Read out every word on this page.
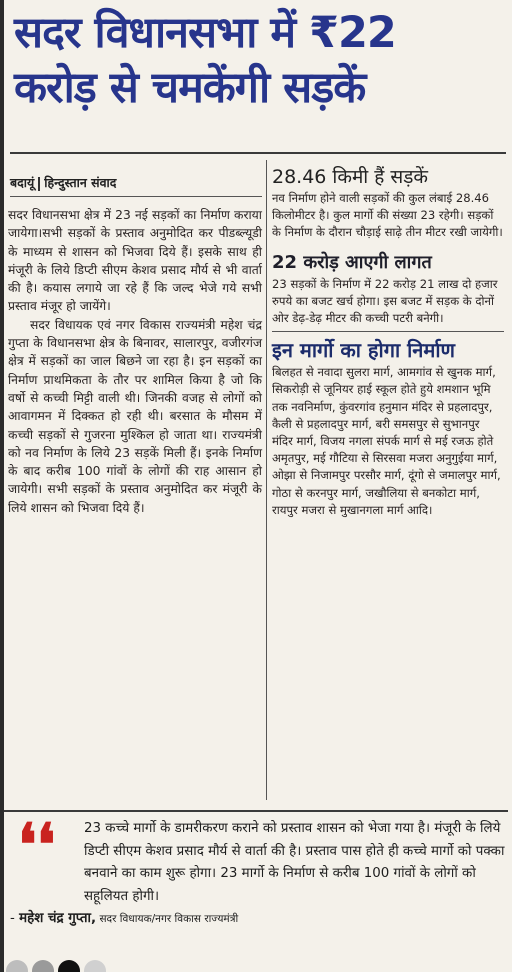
सदर विधानसभा में ₹22
करोड़ से चमकेंगी सड़कें
बदायूं हिन्दुस्तान संवाद

सदर विधानसभा क्षेत्र में 23 नई सड़कों का निर्माण कराया जायेगा।सभी सड़कों के प्रस्ताव अनुमोदित कर पीडब्ल्यूडी के माध्यम से शासन को भिजवा दिये हैं। इसके साथ ही मंजूरी के लिये डिप्टी सीएम केशव प्रसाद मौर्य से भी वार्ता की है। कयास लगाये जा रहे हैं कि जल्द भेजे गये सभी प्रस्ताव मंजूर हो जायेंगे।

सदर विधायक एवं नगर विकास राज्यमंत्री महेश चंद्र गुप्ता के विधानसभा क्षेत्र के बिनावर, सालारपुर, वजीरगंज क्षेत्र में सड़कों का जाल बिछने जा रहा है। इन सड़कों का निर्माण प्राथमिकता के तौर पर शामिल किया है जो कि वर्षो से कच्ची मिट्टी वाली थी। जिनकी वजह से लोगों को आवागमन में दिक्कत हो रही थी। बरसात के मौसम में कच्ची सड़कों से गुजरना मुश्किल हो जाता था। राज्यमंत्री को नव निर्माण के लिये 23 सड़कें मिली हैं। इनके निर्माण के बाद करीब 100 गांवों के लोगों की राह आसान हो जायेगी। सभी सड़कों के प्रस्ताव अनुमोदित कर मंजूरी के लिये शासन को भिजवा दिये हैं।

28.46 किमी हैं सड़कें

नव निर्माण होने वाली सड़कों की कुल लंबाई 28.46 किलोमीटर है। कुल मार्गो की संख्या 23 रहेगी। सड़कों के निर्माण के दौरान चौड़ाई साढ़े तीन मीटर रखी जायेगी।

22 करोड़ आएगी लागत

23 सड़कों के निर्माण में 22 करोड़ 21 लाख दो हजार रुपये का बजट खर्च होगा। इस बजट में सड़क के दोनों ओर डेढ़-डेढ़ मीटर की कच्ची पटरी बनेगी।

इन मार्गो का होगा निर्माण

बिलहत से नवादा सुलरा मार्ग, आमगांव से खुनक मार्ग, सिकरोड़ी से जूनियर हाई स्कूल होते हुये शमशान भूमि तक नवनिर्माण, कुंवरगांव हनुमान मंदिर से प्रहलादपुर, कैली से प्रहलादपुर मार्ग, बरी समसपुर से सुभानपुर मंदिर मार्ग, विजय नगला संपर्क मार्ग से मई रजऊ होते अमृतपुर, मई गौटिया से सिरसवा मजरा अनुगुईया मार्ग, ओझा से निजामपुर परसौर मार्ग, दूंगो से जमालपुर मार्ग, गोठा से करनपुर मार्ग, जखौलिया से बनकोटा मार्ग, रायपुर मजरा से मुखानगला मार्ग आदि।

❛❛	23 कच्चे मार्गो के डामरीकरण कराने को प्रस्ताव शासन को भेजा गया है। मंजूरी के लिये डिप्टी सीएम केशव प्रसाद मौर्य से वार्ता की है। प्रस्ताव पास होते ही कच्चे मार्गो को पक्का बनवाने का काम शुरू होगा। 23 मार्गो के निर्माण से करीब 100 गांवों के लोगों को सहूलियत होगी।
- महेश चंद्र गुप्ता, सदर विधायक/नगर विकास राज्यमंत्री
